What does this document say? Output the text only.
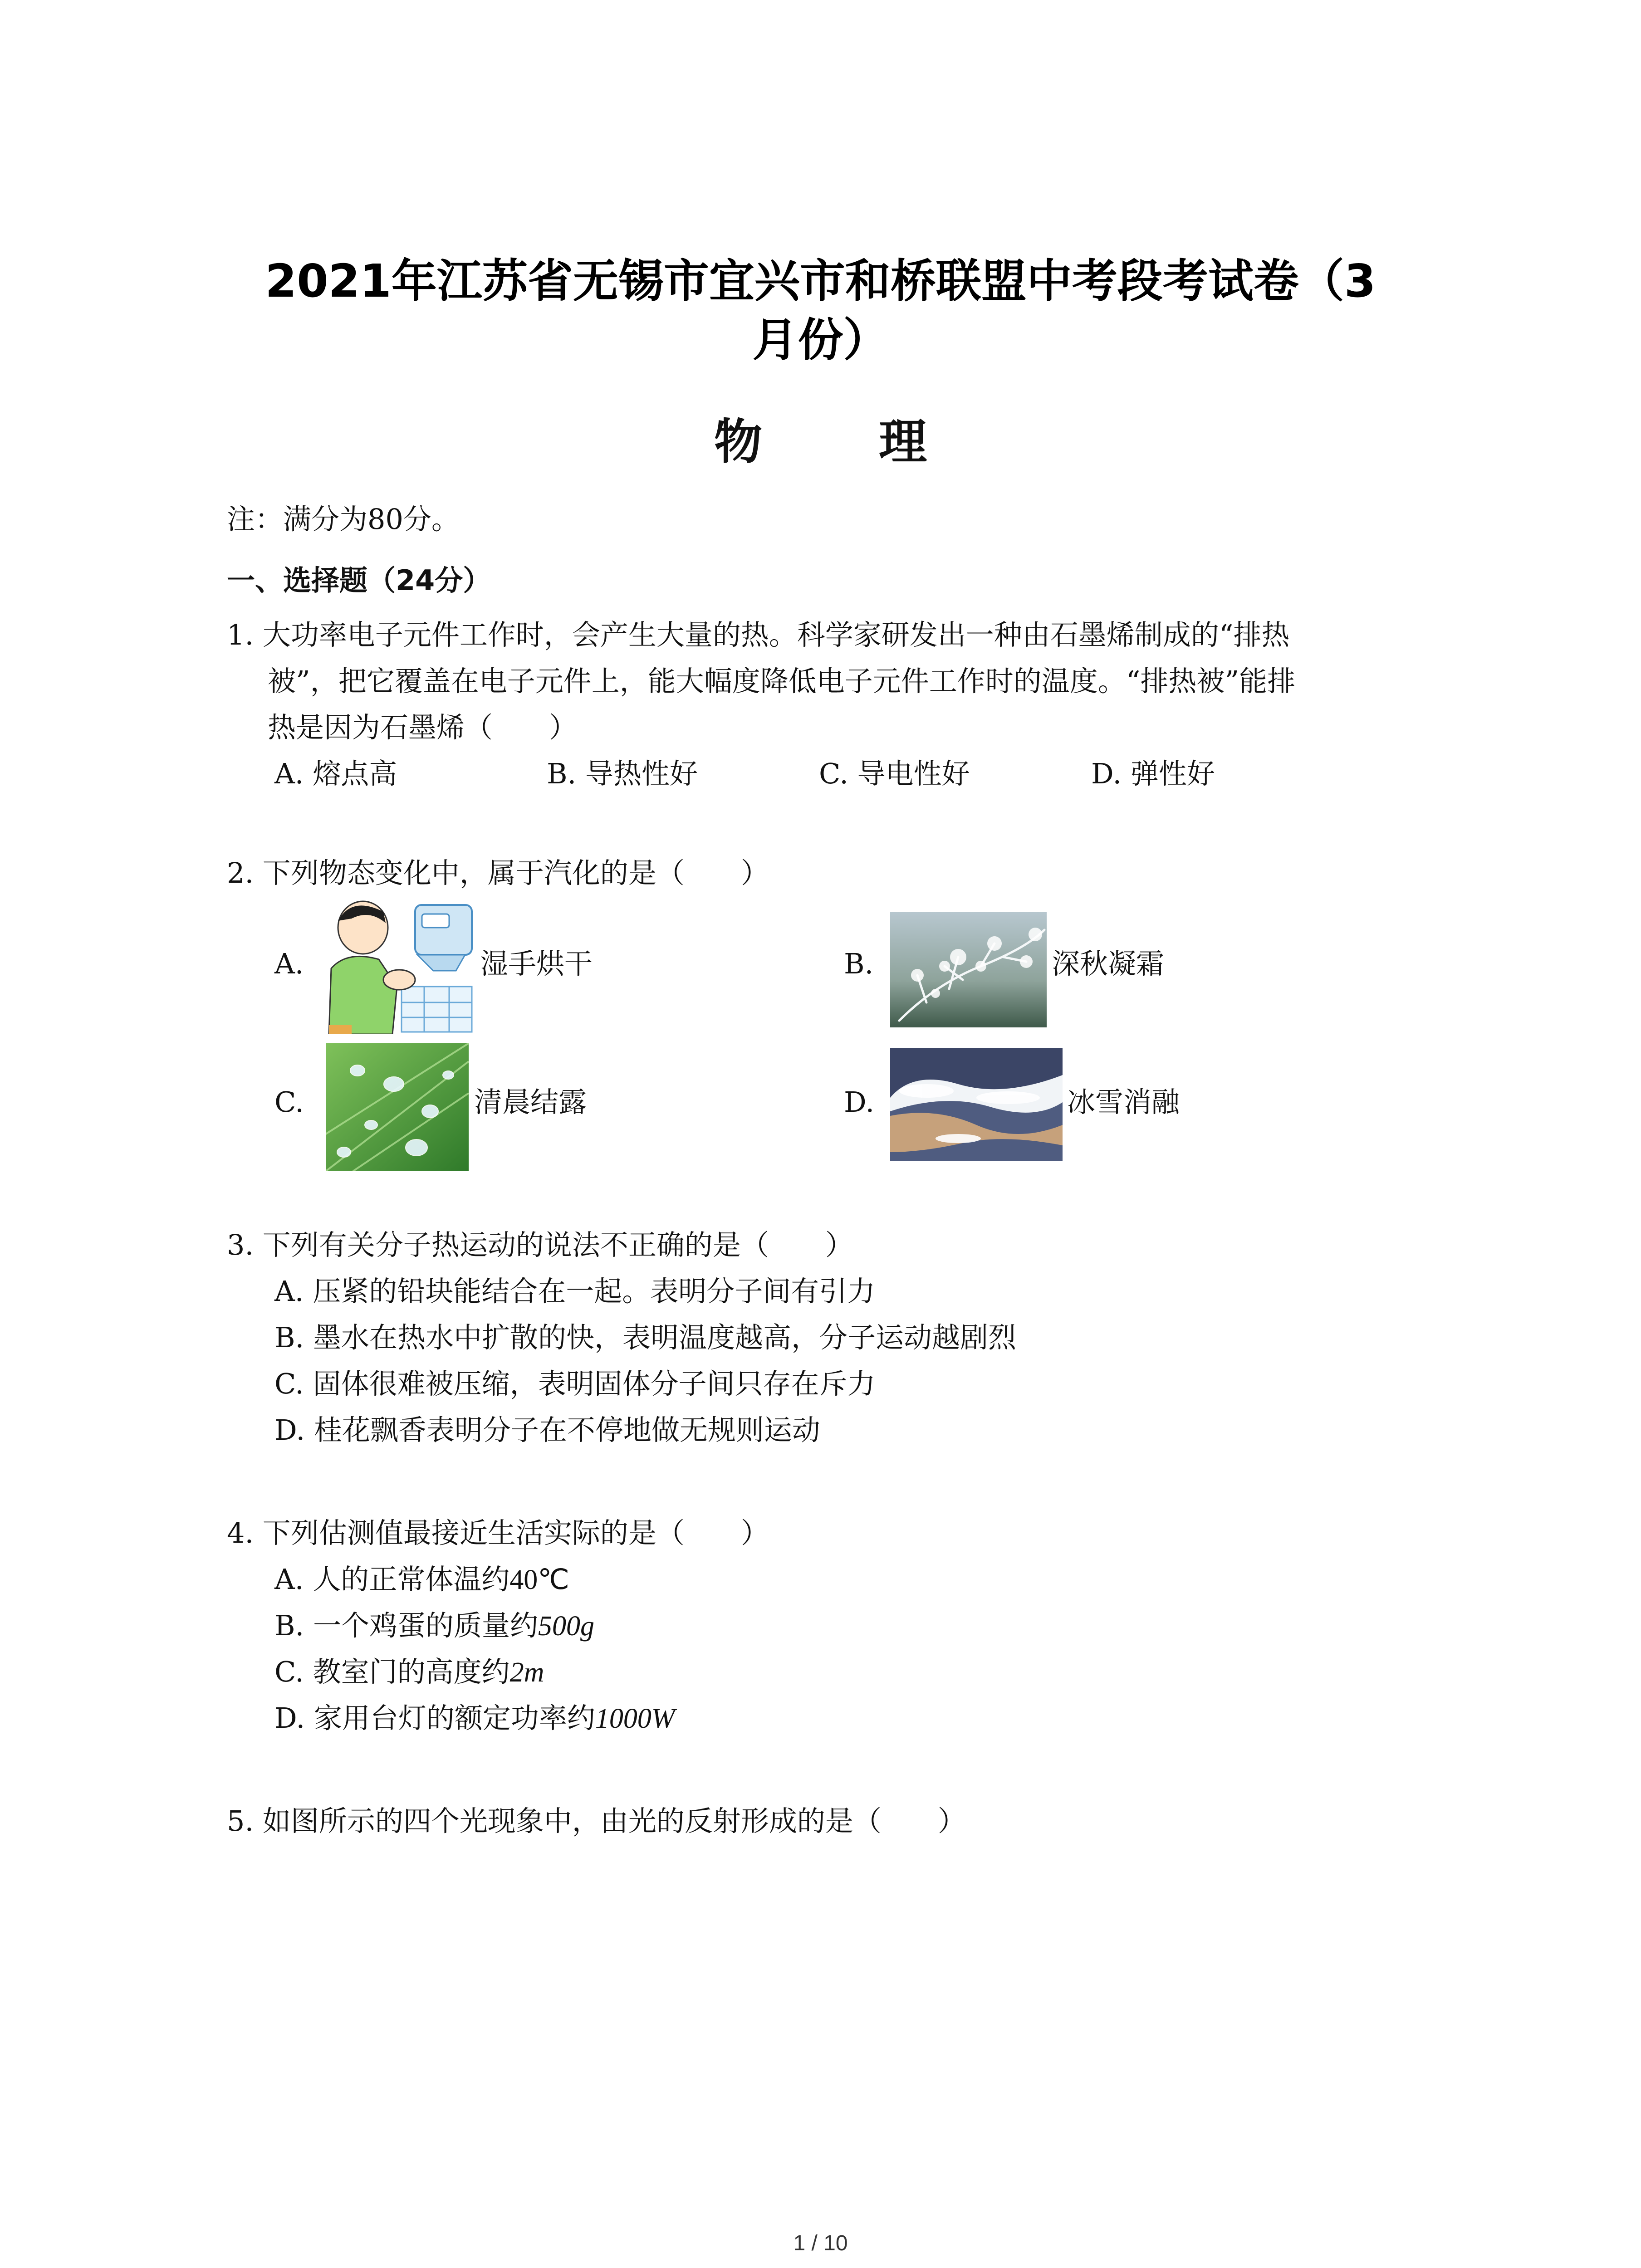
2021年江苏省无锡市宜兴市和桥联盟中考段考试卷（3
月份）
物 理
注：满分为80分。
一、选择题（24分）
1. 大功率电子元件工作时，会产生大量的热。科学家研发出一种由石墨烯制成的“排热
被”，把它覆盖在电子元件上，能大幅度降低电子元件工作时的温度。“排热被”能排
热是因为石墨烯（　　）
A. 熔点高	B. 导热性好	C. 导电性好	D. 弹性好
2. 下列物态变化中，属于汽化的是（　　）
A.	湿手烘干	B.	深秋凝霜
C.	清晨结露	D.	冰雪消融
3. 下列有关分子热运动的说法不正确的是（　　）
A. 压紧的铅块能结合在一起。表明分子间有引力
B. 墨水在热水中扩散的快，表明温度越高，分子运动越剧烈
C. 固体很难被压缩，表明固体分子间只存在斥力
D. 桂花飘香表明分子在不停地做无规则运动
4. 下列估测值最接近生活实际的是（　　）
A. 人的正常体温约40℃
B. 一个鸡蛋的质量约500g
C. 教室门的高度约2m
D. 家用台灯的额定功率约1000W
5. 如图所示的四个光现象中，由光的反射形成的是（　　）
1 / 10
